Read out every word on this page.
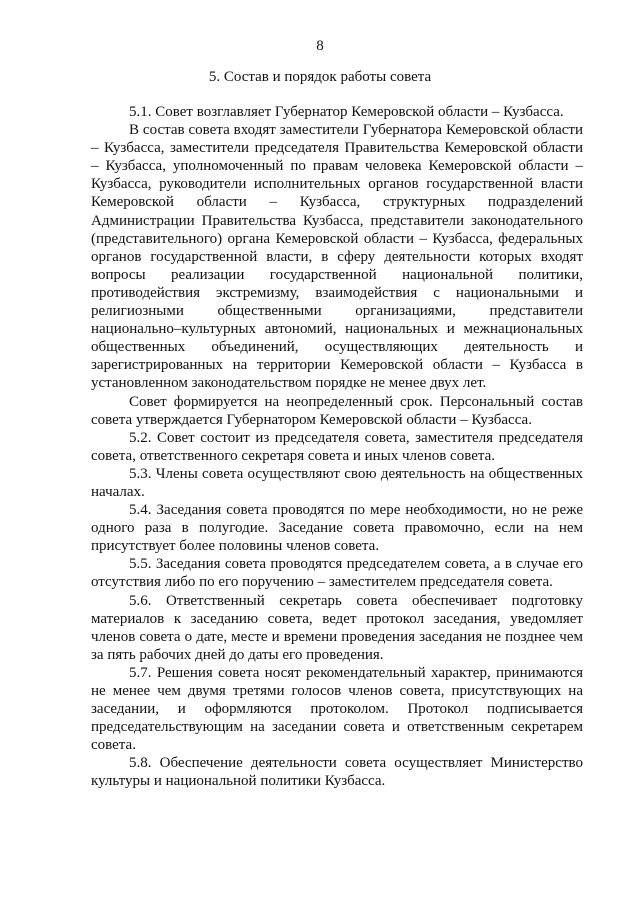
8
5. Состав и порядок работы совета

5.1. Совет возглавляет Губернатор Кемеровской области – Кузбасса.

В состав совета входят заместители Губернатора Кемеровской области – Кузбасса, заместители председателя Правительства Кемеровской области – Кузбасса, уполномоченный по правам человека Кемеровской области – Кузбасса, руководители исполнительных органов государственной власти Кемеровской области – Кузбасса, структурных подразделений Администрации Правительства Кузбасса, представители законодательного (представительного) органа Кемеровской области – Кузбасса, федеральных органов государственной власти, в сферу деятельности которых входят вопросы реализации государственной национальной политики, противодействия экстремизму, взаимодействия с национальными и религиозными общественными организациями, представители национально–культурных автономий, национальных и межнациональных общественных объединений, осуществляющих деятельность и зарегистрированных на территории Кемеровской области – Кузбасса в установленном законодательством порядке не менее двух лет.

Совет формируется на неопределенный срок. Персональный состав совета утверждается Губернатором Кемеровской области – Кузбасса.

5.2. Совет состоит из председателя совета, заместителя председателя совета, ответственного секретаря совета и иных членов совета.

5.3. Члены совета осуществляют свою деятельность на общественных началах.

5.4. Заседания совета проводятся по мере необходимости, но не реже одного раза в полугодие. Заседание совета правомочно, если на нем присутствует более половины членов совета.

5.5. Заседания совета проводятся председателем совета, а в случае его отсутствия либо по его поручению – заместителем председателя совета.

5.6. Ответственный секретарь совета обеспечивает подготовку материалов к заседанию совета, ведет протокол заседания, уведомляет членов совета о дате, месте и времени проведения заседания не позднее чем за пять рабочих дней до даты его проведения.

5.7. Решения совета носят рекомендательный характер, принимаются не менее чем двумя третями голосов членов совета, присутствующих на заседании, и оформляются протоколом. Протокол подписывается председательствующим на заседании совета и ответственным секретарем совета.

5.8. Обеспечение деятельности совета осуществляет Министерство культуры и национальной политики Кузбасса.
